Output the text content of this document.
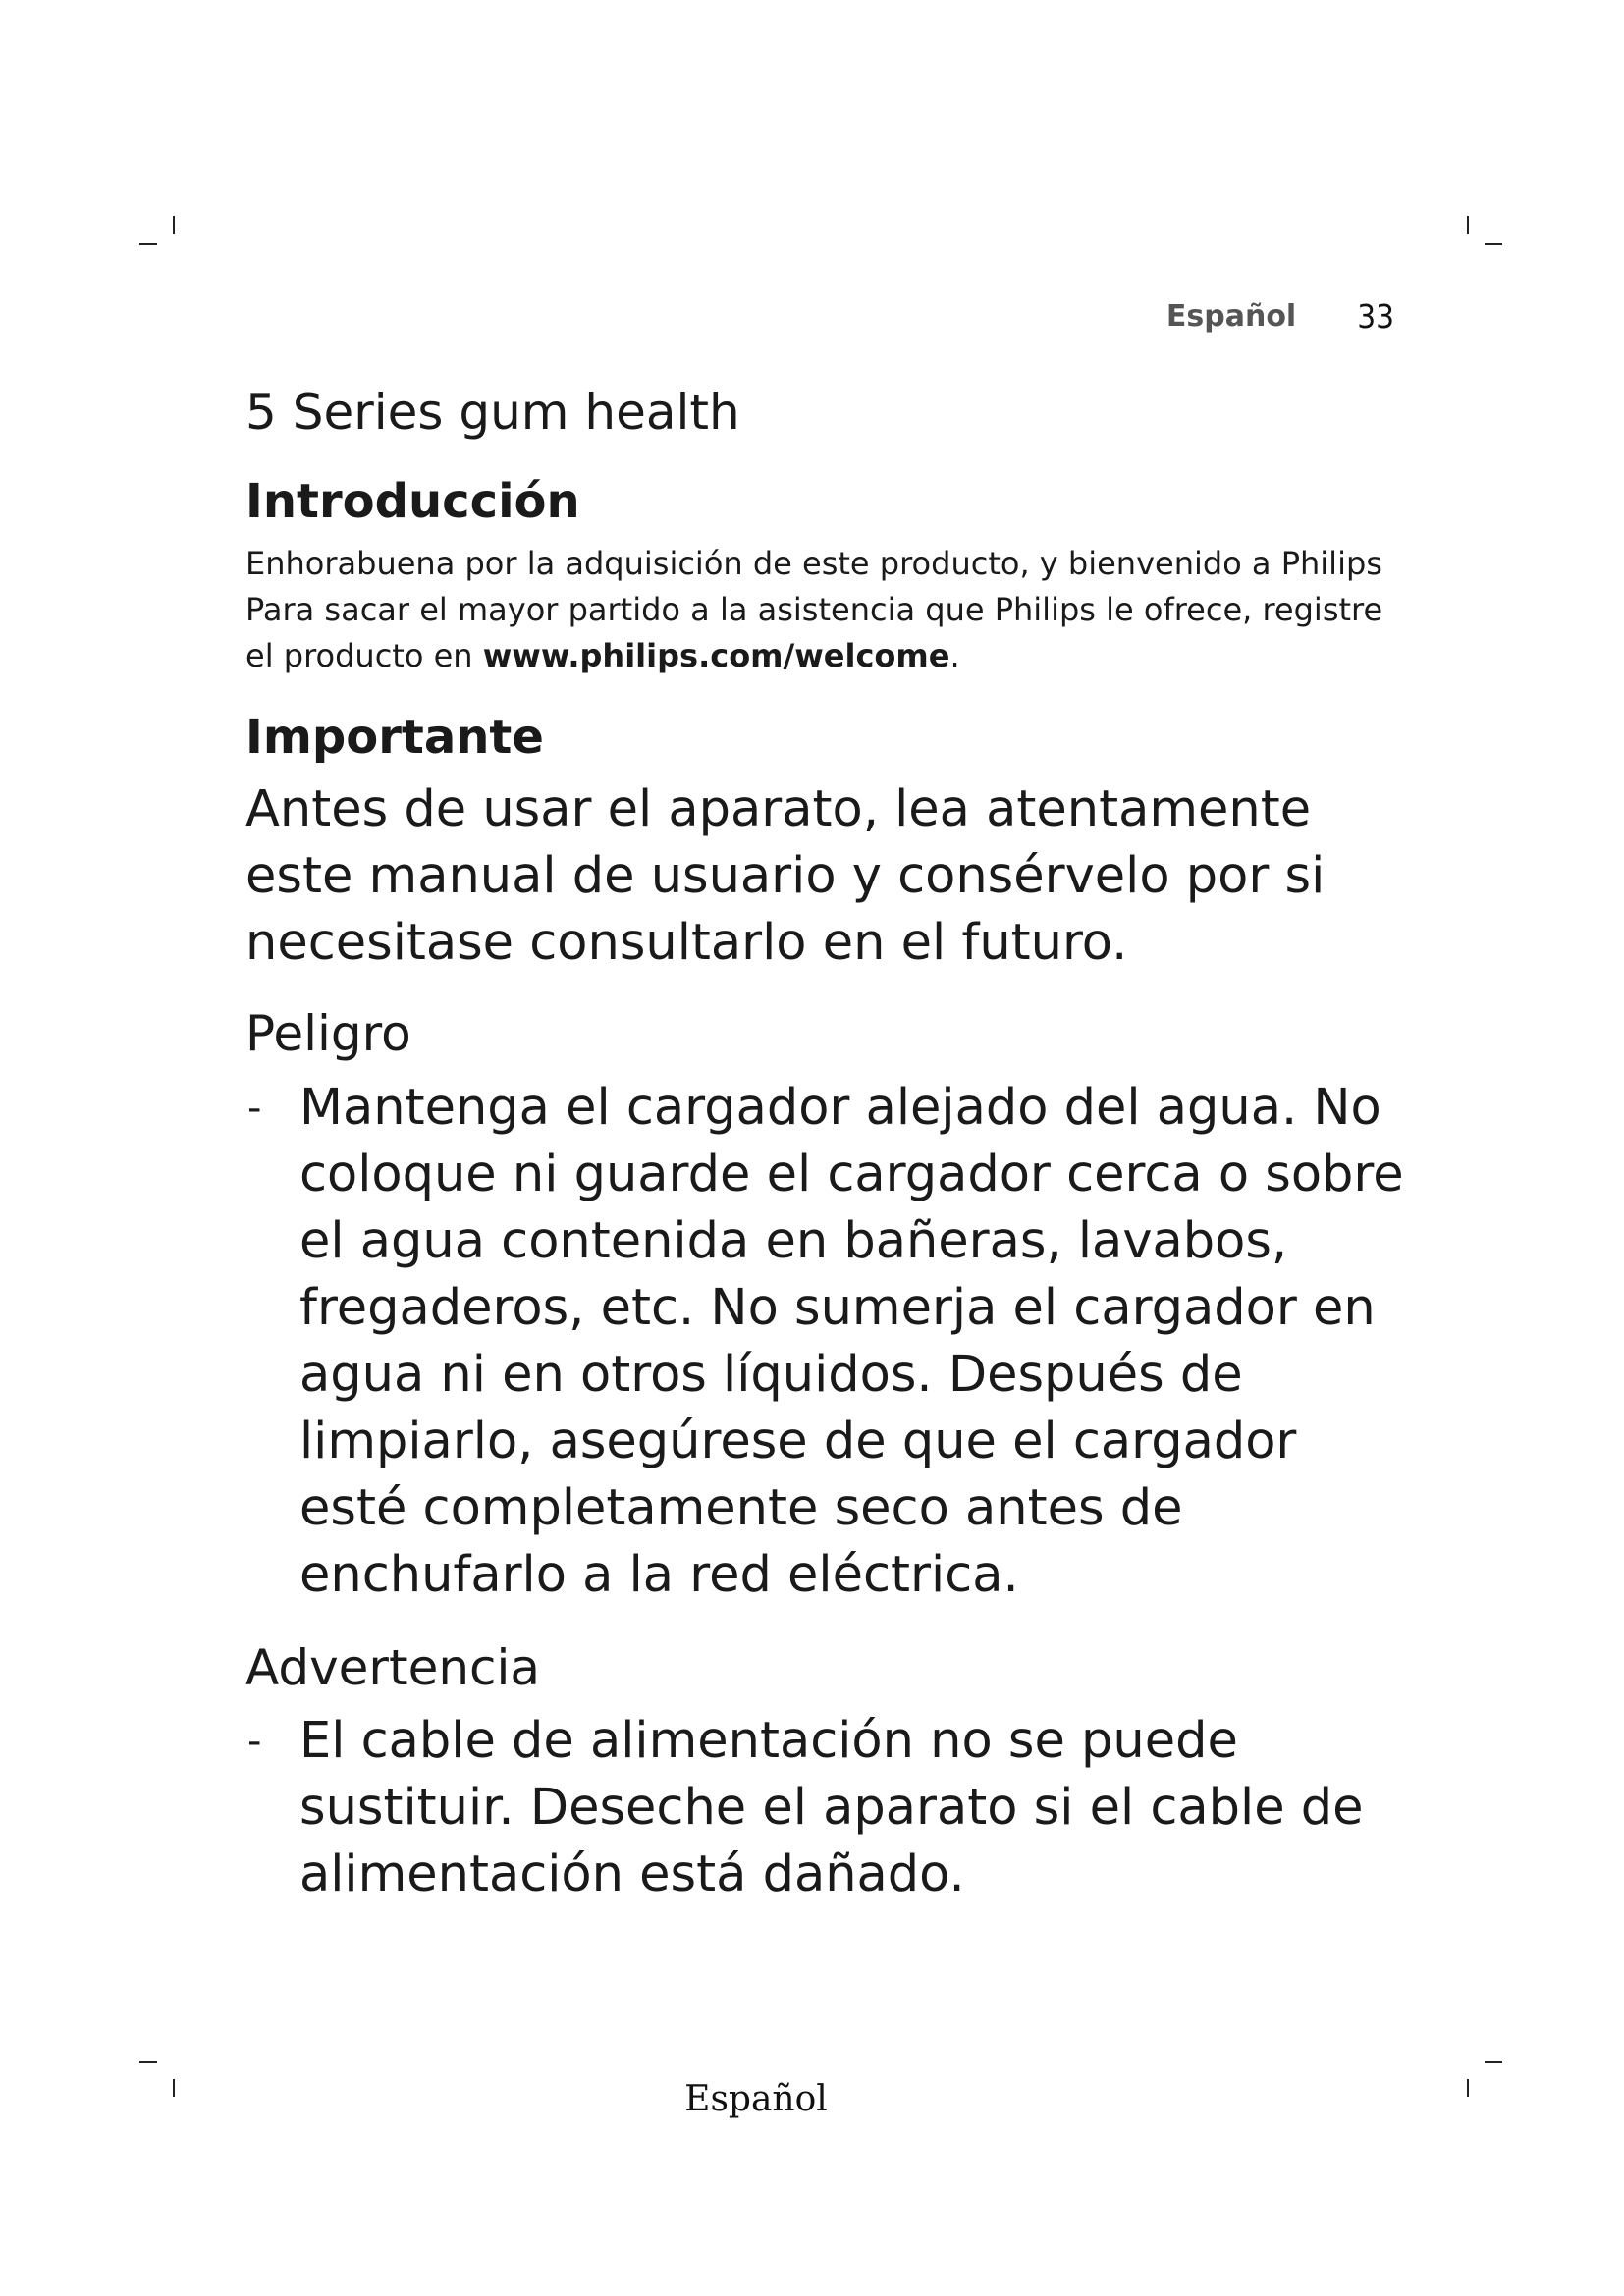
Español 33
5 Series gum health
Introducción

Enhorabuena por la adquisición de este producto, y bienvenido a Philips Para sacar el mayor partido a la asistencia que Philips le ofrece, registre el producto en www.philips.com/welcome.

Importante

Antes de usar el aparato, lea atentamente este manual de usuario y consérvelo por si necesitase consultarlo en el futuro.

Peligro
- Mantenga el cargador alejado del agua. No coloque ni guarde el cargador cerca o sobre el agua contenida en bañeras, lavabos, fregaderos, etc. No sumerja el cargador en agua ni en otros líquidos. Después de limpiarlo, asegúrese de que el cargador esté completamente seco antes de enchufarlo a la red eléctrica.
Advertencia
- El cable de alimentación no se puede sustituir. Deseche el aparato si el cable de alimentación está dañado.
Español
